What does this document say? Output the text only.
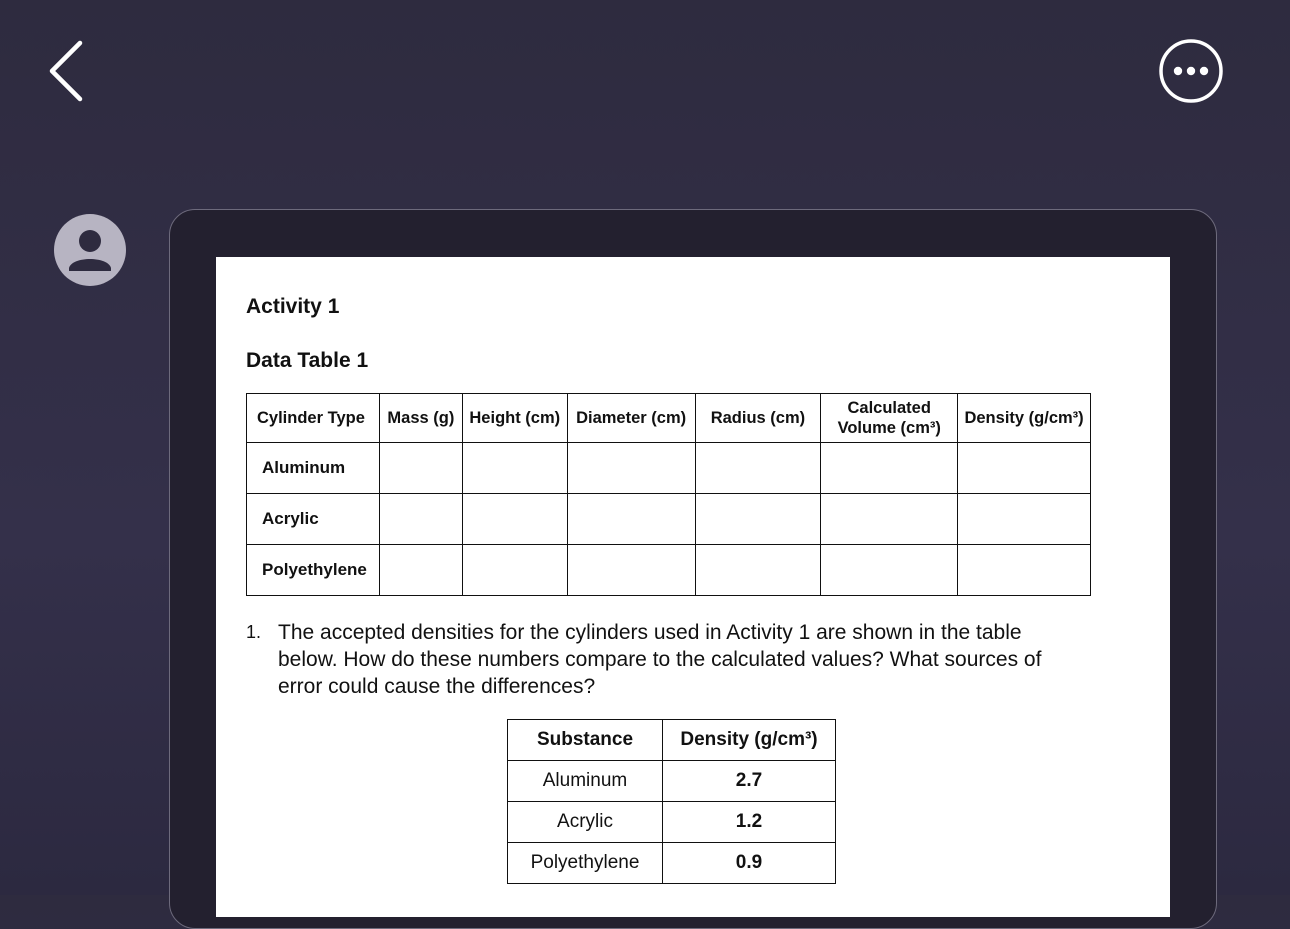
Activity 1
Data Table 1
Cylinder Type	Mass (g)	Height (cm)	Diameter (cm)	Radius (cm)	Calculated Volume (cm³)	Density (g/cm³)
Aluminum						
Acrylic						
Polyethylene						
1. The accepted densities for the cylinders used in Activity 1 are shown in the table below. How do these numbers compare to the calculated values? What sources of error could cause the differences?
Substance	Density (g/cm³)
Aluminum	2.7
Acrylic	1.2
Polyethylene	0.9
